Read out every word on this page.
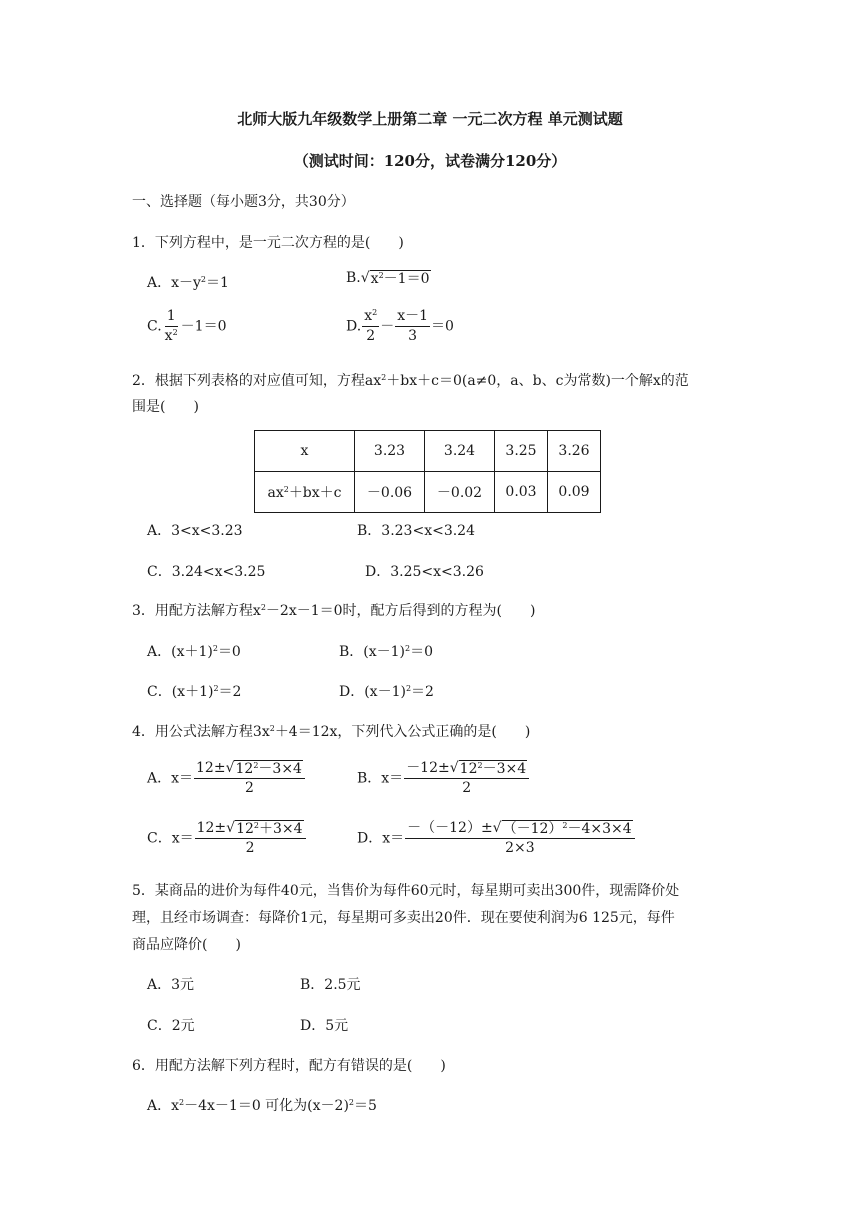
北师大版九年级数学上册第二章 一元二次方程 单元测试题
（测试时间：120分，试卷满分120分）
一、选择题（每小题3分，共30分）
1．下列方程中，是一元二次方程的是(　　)
A．$x-y^2=1$	B. √ $x^2-1=0$
C. $\frac{1}{x^2} -1=0$	D. $\frac{x^2}{2} - \frac{x-1}{3} =0$
2．根据下列表格的对应值可知，方程$ax^2+bx+c=0(a\ne 0$，a、b、c为常数)一个解x的范
围是(　　)
x	3.23	3.24	3.25	3.26
$ax^2+bx+c$	－0.06	－0.02	0.03	0.09
A．3<x<3.23	B．3.23<x<3.24
C．3.24<x<3.25	D．3.25<x<3.26
3．用配方法解方程$x^2-2x-1=0$时，配方后得到的方程为(　　)
A．$(x+1)^2=0$	B．$(x-1)^2=0$
C．$(x+1)^2=2$	D．$(x-1)^2=2$
4．用公式法解方程$3x^2+4=12x$，下列代入公式正确的是(　　)
A．$x= \frac{12\pm √ 12^2-3\times 4}{2}$	B．$x= \frac{-12\pm √ 12^2-3\times 4}{2}$
C．$x= \frac{12\pm √ 12^2+3\times 4}{2}$	D．$x= \frac{-(-12)\pm √ (-12)^2-4\times 3\times 4}{2\times 3}$
5．某商品的进价为每件40元，当售价为每件60元时，每星期可卖出300件，现需降价处
理，且经市场调查：每降价1元，每星期可多卖出20件．现在要使利润为6 125元，每件
商品应降价(　　)
A．3元	B．2.5元
C．2元	D．5元
6．用配方法解下列方程时，配方有错误的是(　　)
A．$x^2-4x-1=0$ 可化为$(x-2)^2=5$
